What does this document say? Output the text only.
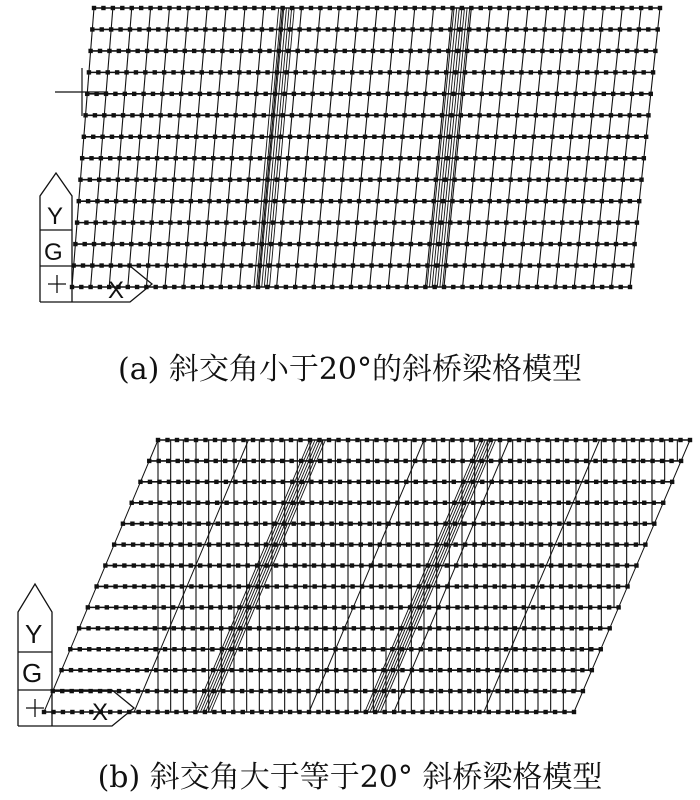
Y
G
X

(a) 斜交角小于20°的斜桥梁格模型

Y
G
X

(b) 斜交角大于等于20° 斜桥梁格模型
